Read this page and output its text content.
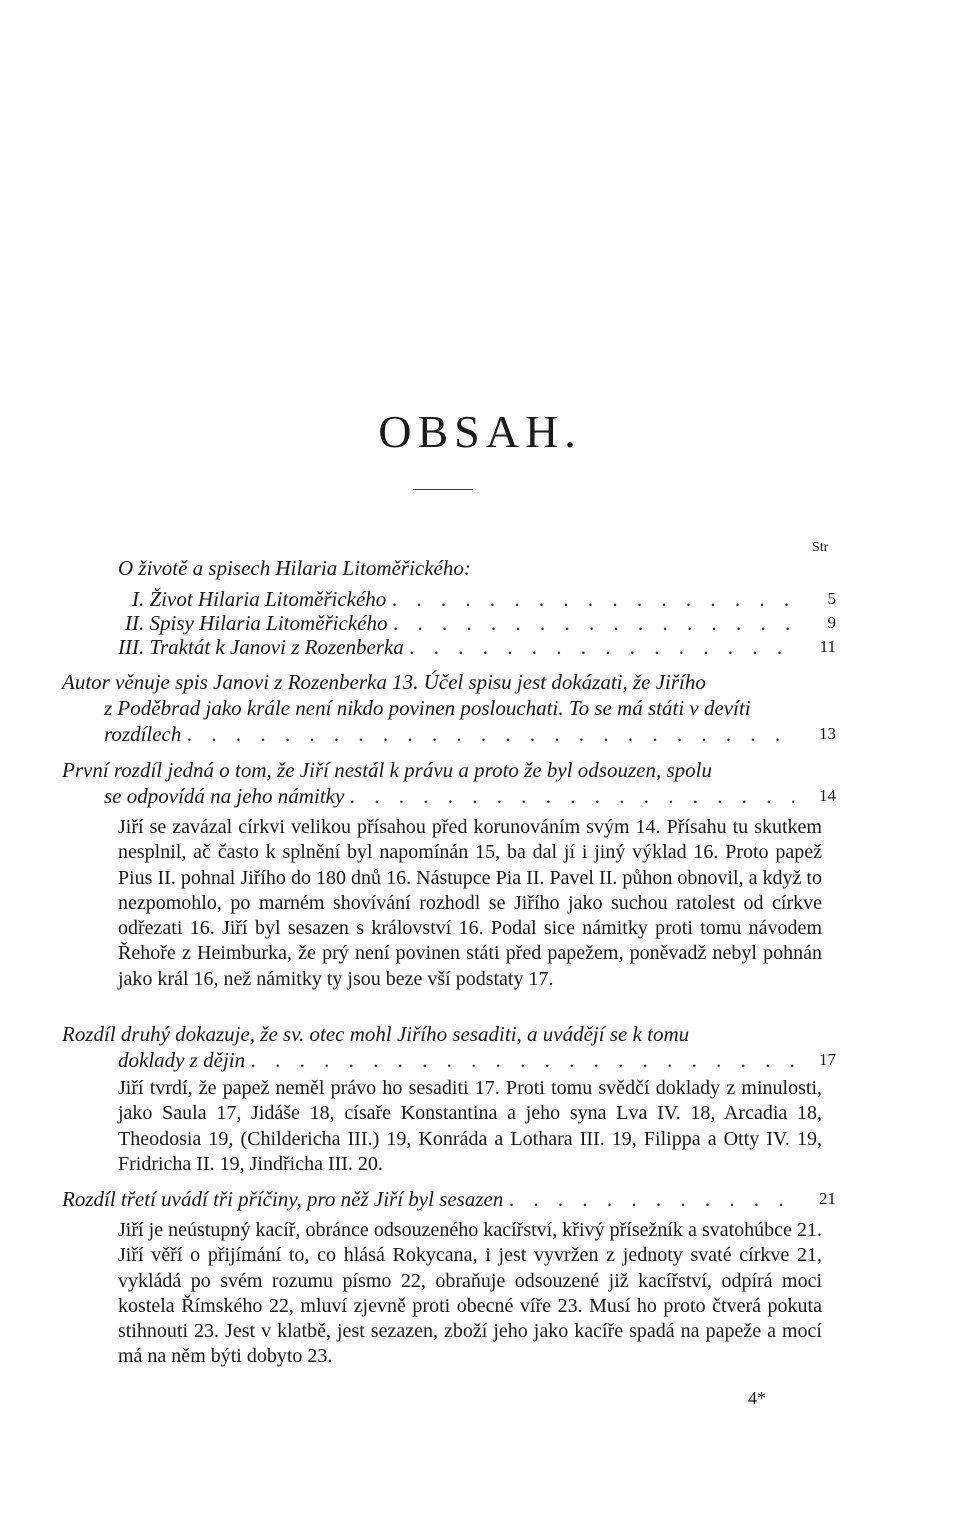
OBSAH.
Str
O životě a spisech Hilaria Litoměřického:
I. Život Hilaria Litoměřického . . .	5
II. Spisy Hilaria Litoměřického . . .	9
III. Traktát k Janovi z Rozenberka . . .	11
Autor věnuje spis Janovi z Rozenberka 13. Účel spisu jest dokázati, že Jiřího
z Poděbrad jako krále není nikdo povinen poslouchati. To se má státi v devíti
rozdílech . . .	13
První rozdíl jedná o tom, že Jiří nestál k právu a proto že byl odsouzen, spolu
se odpovídá na jeho námitky . . .	14
Jiří se zavázal církvi velikou přísahou před korunováním svým 14. Přísahu tu skutkem nesplnil, ač často k splnění byl napomínán 15, ba dal jí i jiný výklad 16. Proto papež Pius II. pohnal Jiřího do 180 dnů 16. Nástupce Pia II. Pavel II. půhon obnovil, a když to nezpomohlo, po marném shovívání rozhodl se Jiřího jako suchou ratolest od církve odřezati 16. Jiří byl sesazen s království 16. Podal sice námitky proti tomu návodem Řehoře z Heimburka, že prý není povinen státi před papežem, poněvadž nebyl pohnán jako král 16, než námitky ty jsou beze vší podstaty 17.
Rozdíl druhý dokazuje, že sv. otec mohl Jiřího sesaditi, a uvádějí se k tomu
doklady z dějin . . .	17
Jiří tvrdí, že papež neměl právo ho sesaditi 17. Proti tomu svědčí doklady z minulosti, jako Saula 17, Jidáše 18, císaře Konstantina a jeho syna Lva IV. 18, Arcadia 18, Theodosia 19, (Childericha III.) 19, Konráda a Lothara III. 19, Filippa a Otty IV. 19, Fridricha II. 19, Jindřicha III. 20.
Rozdíl třetí uvádí tři příčiny, pro něž Jiří byl sesazen . . .	21
Jiří je neústupný kacíř, obránce odsouzeného kacířství, křivý přísežník a svatohúbce 21. Jiří věří o přijímání to, co hlásá Rokycana, i jest vyvržen z jednoty svaté církve 21, vykládá po svém rozumu písmo 22, obraňuje odsouzené již kacířství, odpírá moci kostela Římského 22, mluví zjevně proti obecné víře 23. Musí ho proto čtverá pokuta stihnouti 23. Jest v klatbě, jest sezazen, zboží jeho jako kacíře spadá na papeže a mocí má na něm býti dobyto 23.
4*
